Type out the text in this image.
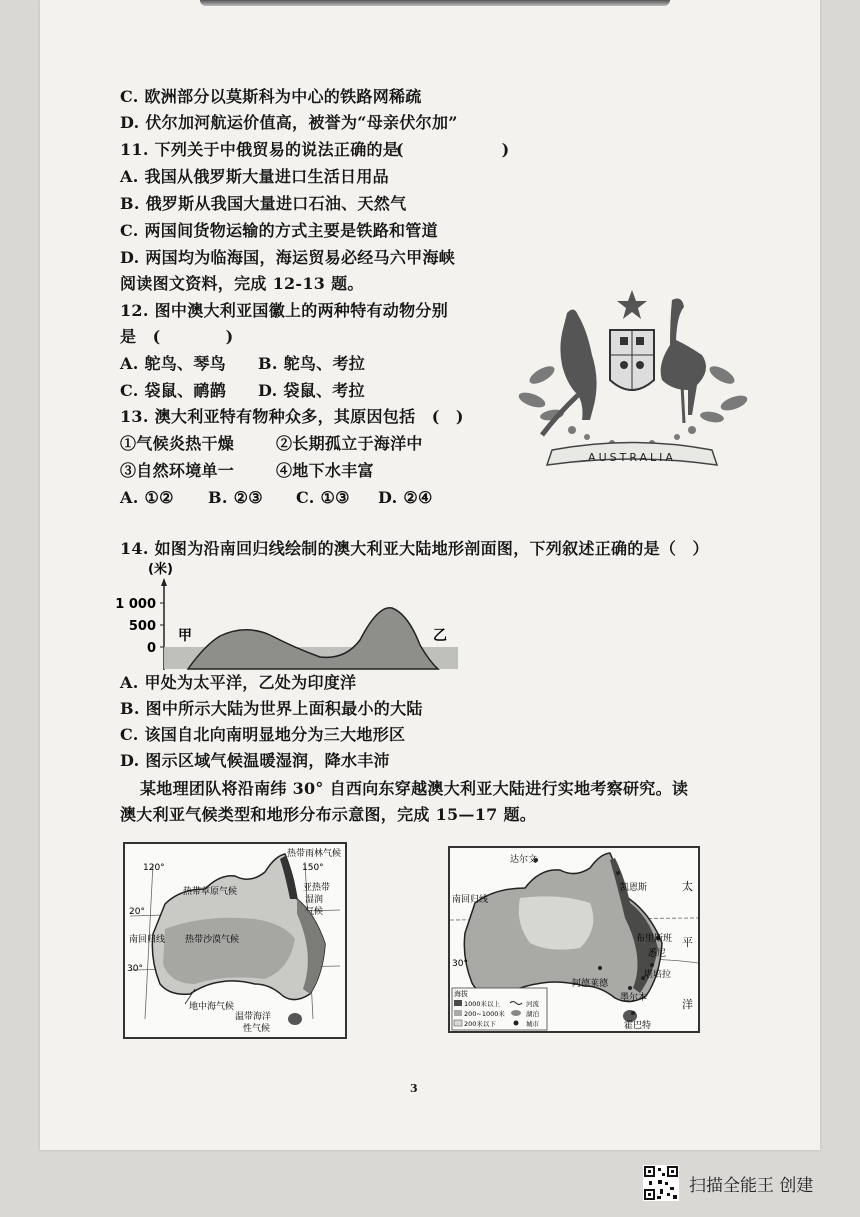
C. 欧洲部分以莫斯科为中心的铁路网稀疏
D. 伏尔加河航运价值高，被誉为“母亲伏尔加”
11. 下列关于中俄贸易的说法正确的是
(　　　　　　)
A. 我国从俄罗斯大量进口生活日用品
B. 俄罗斯从我国大量进口石油、天然气
C. 两国间货物运输的方式主要是铁路和管道
D. 两国均为临海国，海运贸易必经马六甲海峡
阅读图文资料，完成 12-13 题。
12. 图中澳大利亚国徽上的两种特有动物分别
是　(　　　　)
A. 鸵鸟、琴鸟 B. 鸵鸟、考拉
C. 袋鼠、鸸鹋 D. 袋鼠、考拉
13. 澳大利亚特有物种众多，其原因包括　(　)
①气候炎热干燥	②长期孤立于海洋中
③自然环境单一	④地下水丰富
A. ①② B. ②③ C. ①③ D. ②④
14. 如图为沿南回归线绘制的澳大利亚大陆地形剖面图，下列叙述正确的是（　）
A. 甲处为太平洋，乙处为印度洋
B. 图中所示大陆为世界上面积最小的大陆
C. 该国自北向南明显地分为三大地形区
D. 图示区域气候温暖湿润，降水丰沛
某地理团队将沿南纬 30° 自西向东穿越澳大利亚大陆进行实地考察研究。读
澳大利亚气候类型和地形分布示意图，完成 15—17 题。
AUSTRALIA
(米)
1 000
500
0
甲	乙
120°	150°
20°
30°
南回归线
热带雨林气候
热带草原气候	亚热带
湿润
气候
热带沙漠气候
地中海气候
温带海洋
性气候
达尔文
凯恩斯
南回归线
布里斯班
悉尼
堪培拉
阿德莱德
墨尔本
霍巴特
30°
太
平
洋
海拔
1000米以上
200~1000米
200米以下
河流
湖泊
城市
3
扫描全能王 创建
